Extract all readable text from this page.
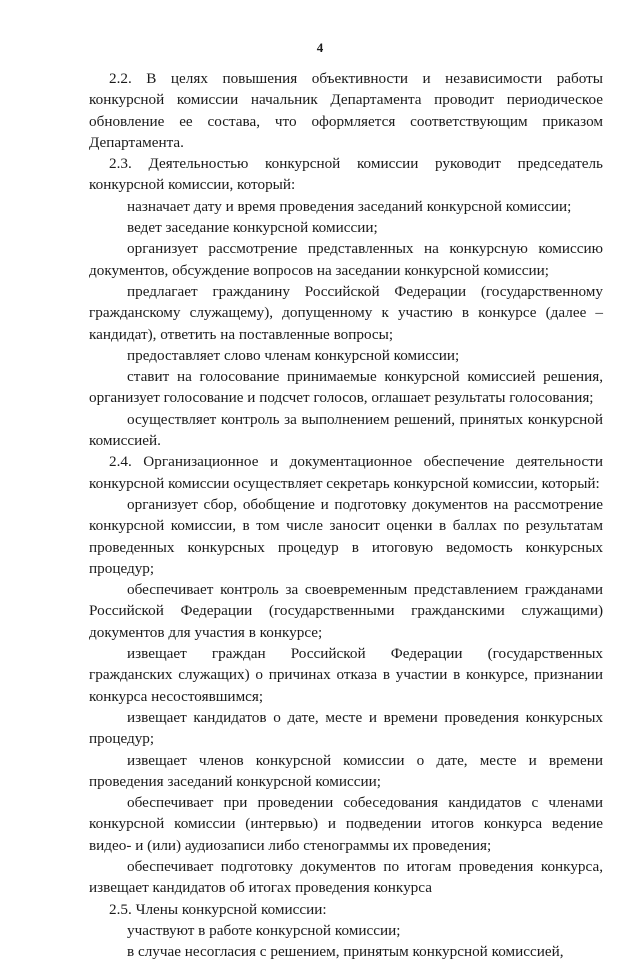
4

2.2. В целях повышения объективности и независимости работы конкурсной комиссии начальник Департамента проводит периодическое обновление ее состава, что оформляется соответствующим приказом Департамента.

2.3. Деятельностью конкурсной комиссии руководит председатель конкурсной комиссии, который:

назначает дату и время проведения заседаний конкурсной комиссии;

ведет заседание конкурсной комиссии;

организует рассмотрение представленных на конкурсную комиссию документов, обсуждение вопросов на заседании конкурсной комиссии;

предлагает гражданину Российской Федерации (государственному гражданскому служащему), допущенному к участию в конкурсе (далее – кандидат), ответить на поставленные вопросы;

предоставляет слово членам конкурсной комиссии;

ставит на голосование принимаемые конкурсной комиссией решения, организует голосование и подсчет голосов, оглашает результаты голосования;

осуществляет контроль за выполнением решений, принятых конкурсной комиссией.

2.4. Организационное и документационное обеспечение деятельности конкурсной комиссии осуществляет секретарь конкурсной комиссии, который:

организует сбор, обобщение и подготовку документов на рассмотрение конкурсной комиссии, в том числе заносит оценки в баллах по результатам проведенных конкурсных процедур в итоговую ведомость конкурсных процедур;

обеспечивает контроль за своевременным представлением гражданами Российской Федерации (государственными гражданскими служащими) документов для участия в конкурсе;

извещает граждан Российской Федерации (государственных гражданских служащих) о причинах отказа в участии в конкурсе, признании конкурса несостоявшимся;

извещает кандидатов о дате, месте и времени проведения конкурсных процедур;

извещает членов конкурсной комиссии о дате, месте и времени проведения заседаний конкурсной комиссии;

обеспечивает при проведении собеседования кандидатов с членами конкурсной комиссии (интервью) и подведении итогов конкурса ведение видео- и (или) аудиозаписи либо стенограммы их проведения;

обеспечивает подготовку документов по итогам проведения конкурса, извещает кандидатов об итогах проведения конкурса

2.5. Члены конкурсной комиссии:

участвуют в работе конкурсной комиссии;

в случае несогласия с решением, принятым конкурсной комиссией,
